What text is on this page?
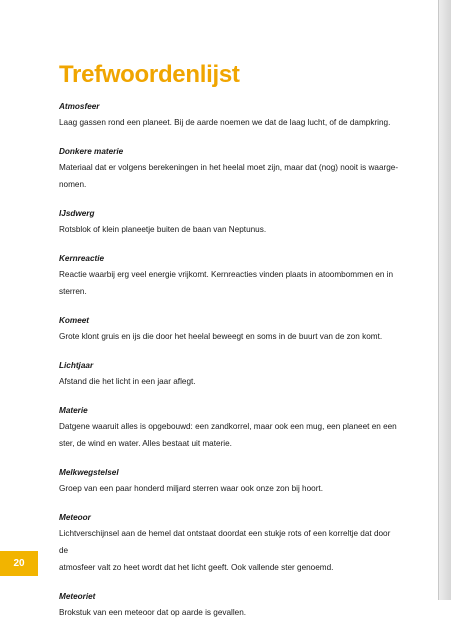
Trefwoordenlijst

Atmosfeer

Laag gassen rond een planeet. Bij de aarde noemen we dat de laag lucht, of de dampkring.

Donkere materie

Materiaal dat er volgens berekeningen in het heelal moet zijn, maar dat (nog) nooit is waarge-

nomen.

IJsdwerg

Rotsblok of klein planeetje buiten de baan van Neptunus.

Kernreactie

Reactie waarbij erg veel energie vrijkomt. Kernreacties vinden plaats in atoombommen en in

sterren.

Komeet

Grote klont gruis en ijs die door het heelal beweegt en soms in de buurt van de zon komt.

Lichtjaar

Afstand die het licht in een jaar aflegt.

Materie

Datgene waaruit alles is opgebouwd: een zandkorrel, maar ook een mug, een planeet en een

ster, de wind en water. Alles bestaat uit materie.

Melkwegstelsel

Groep van een paar honderd miljard sterren waar ook onze zon bij hoort.

Meteoor

Lichtverschijnsel aan de hemel dat ontstaat doordat een stukje rots of een korreltje dat door de

atmosfeer valt zo heet wordt dat het licht geeft. Ook vallende ster genoemd.

Meteoriet

Brokstuk van een meteoor dat op aarde is gevallen.

20
